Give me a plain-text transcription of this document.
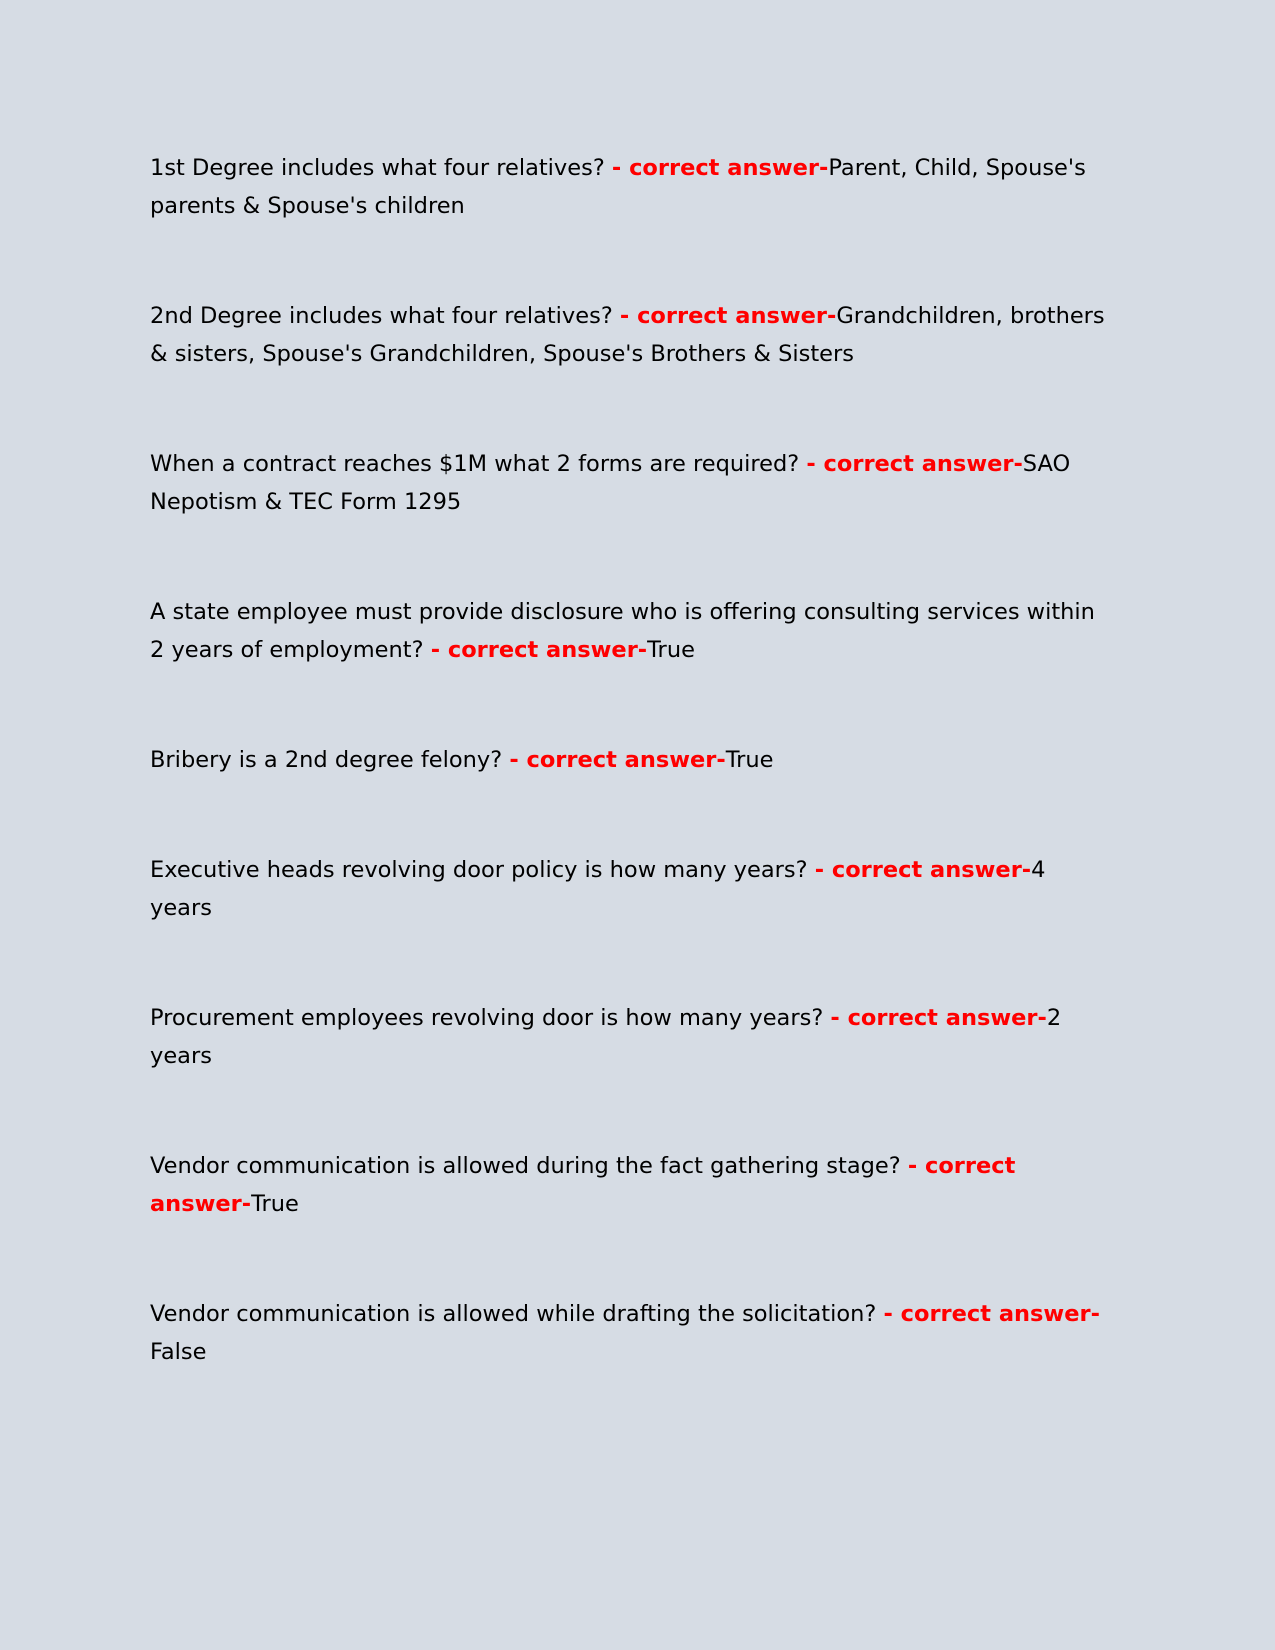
1st Degree includes what four relatives? - correct answer-Parent, Child, Spouse's parents & Spouse's children
2nd Degree includes what four relatives? - correct answer-Grandchildren, brothers & sisters, Spouse's Grandchildren, Spouse's Brothers & Sisters
When a contract reaches $1M what 2 forms are required? - correct answer-SAO Nepotism & TEC Form 1295
A state employee must provide disclosure who is offering consulting services within 2 years of employment? - correct answer-True
Bribery is a 2nd degree felony? - correct answer-True
Executive heads revolving door policy is how many years? - correct answer-4 years
Procurement employees revolving door is how many years? - correct answer-2 years
Vendor communication is allowed during the fact gathering stage? - correct answer-True
Vendor communication is allowed while drafting the solicitation? - correct answer-False
